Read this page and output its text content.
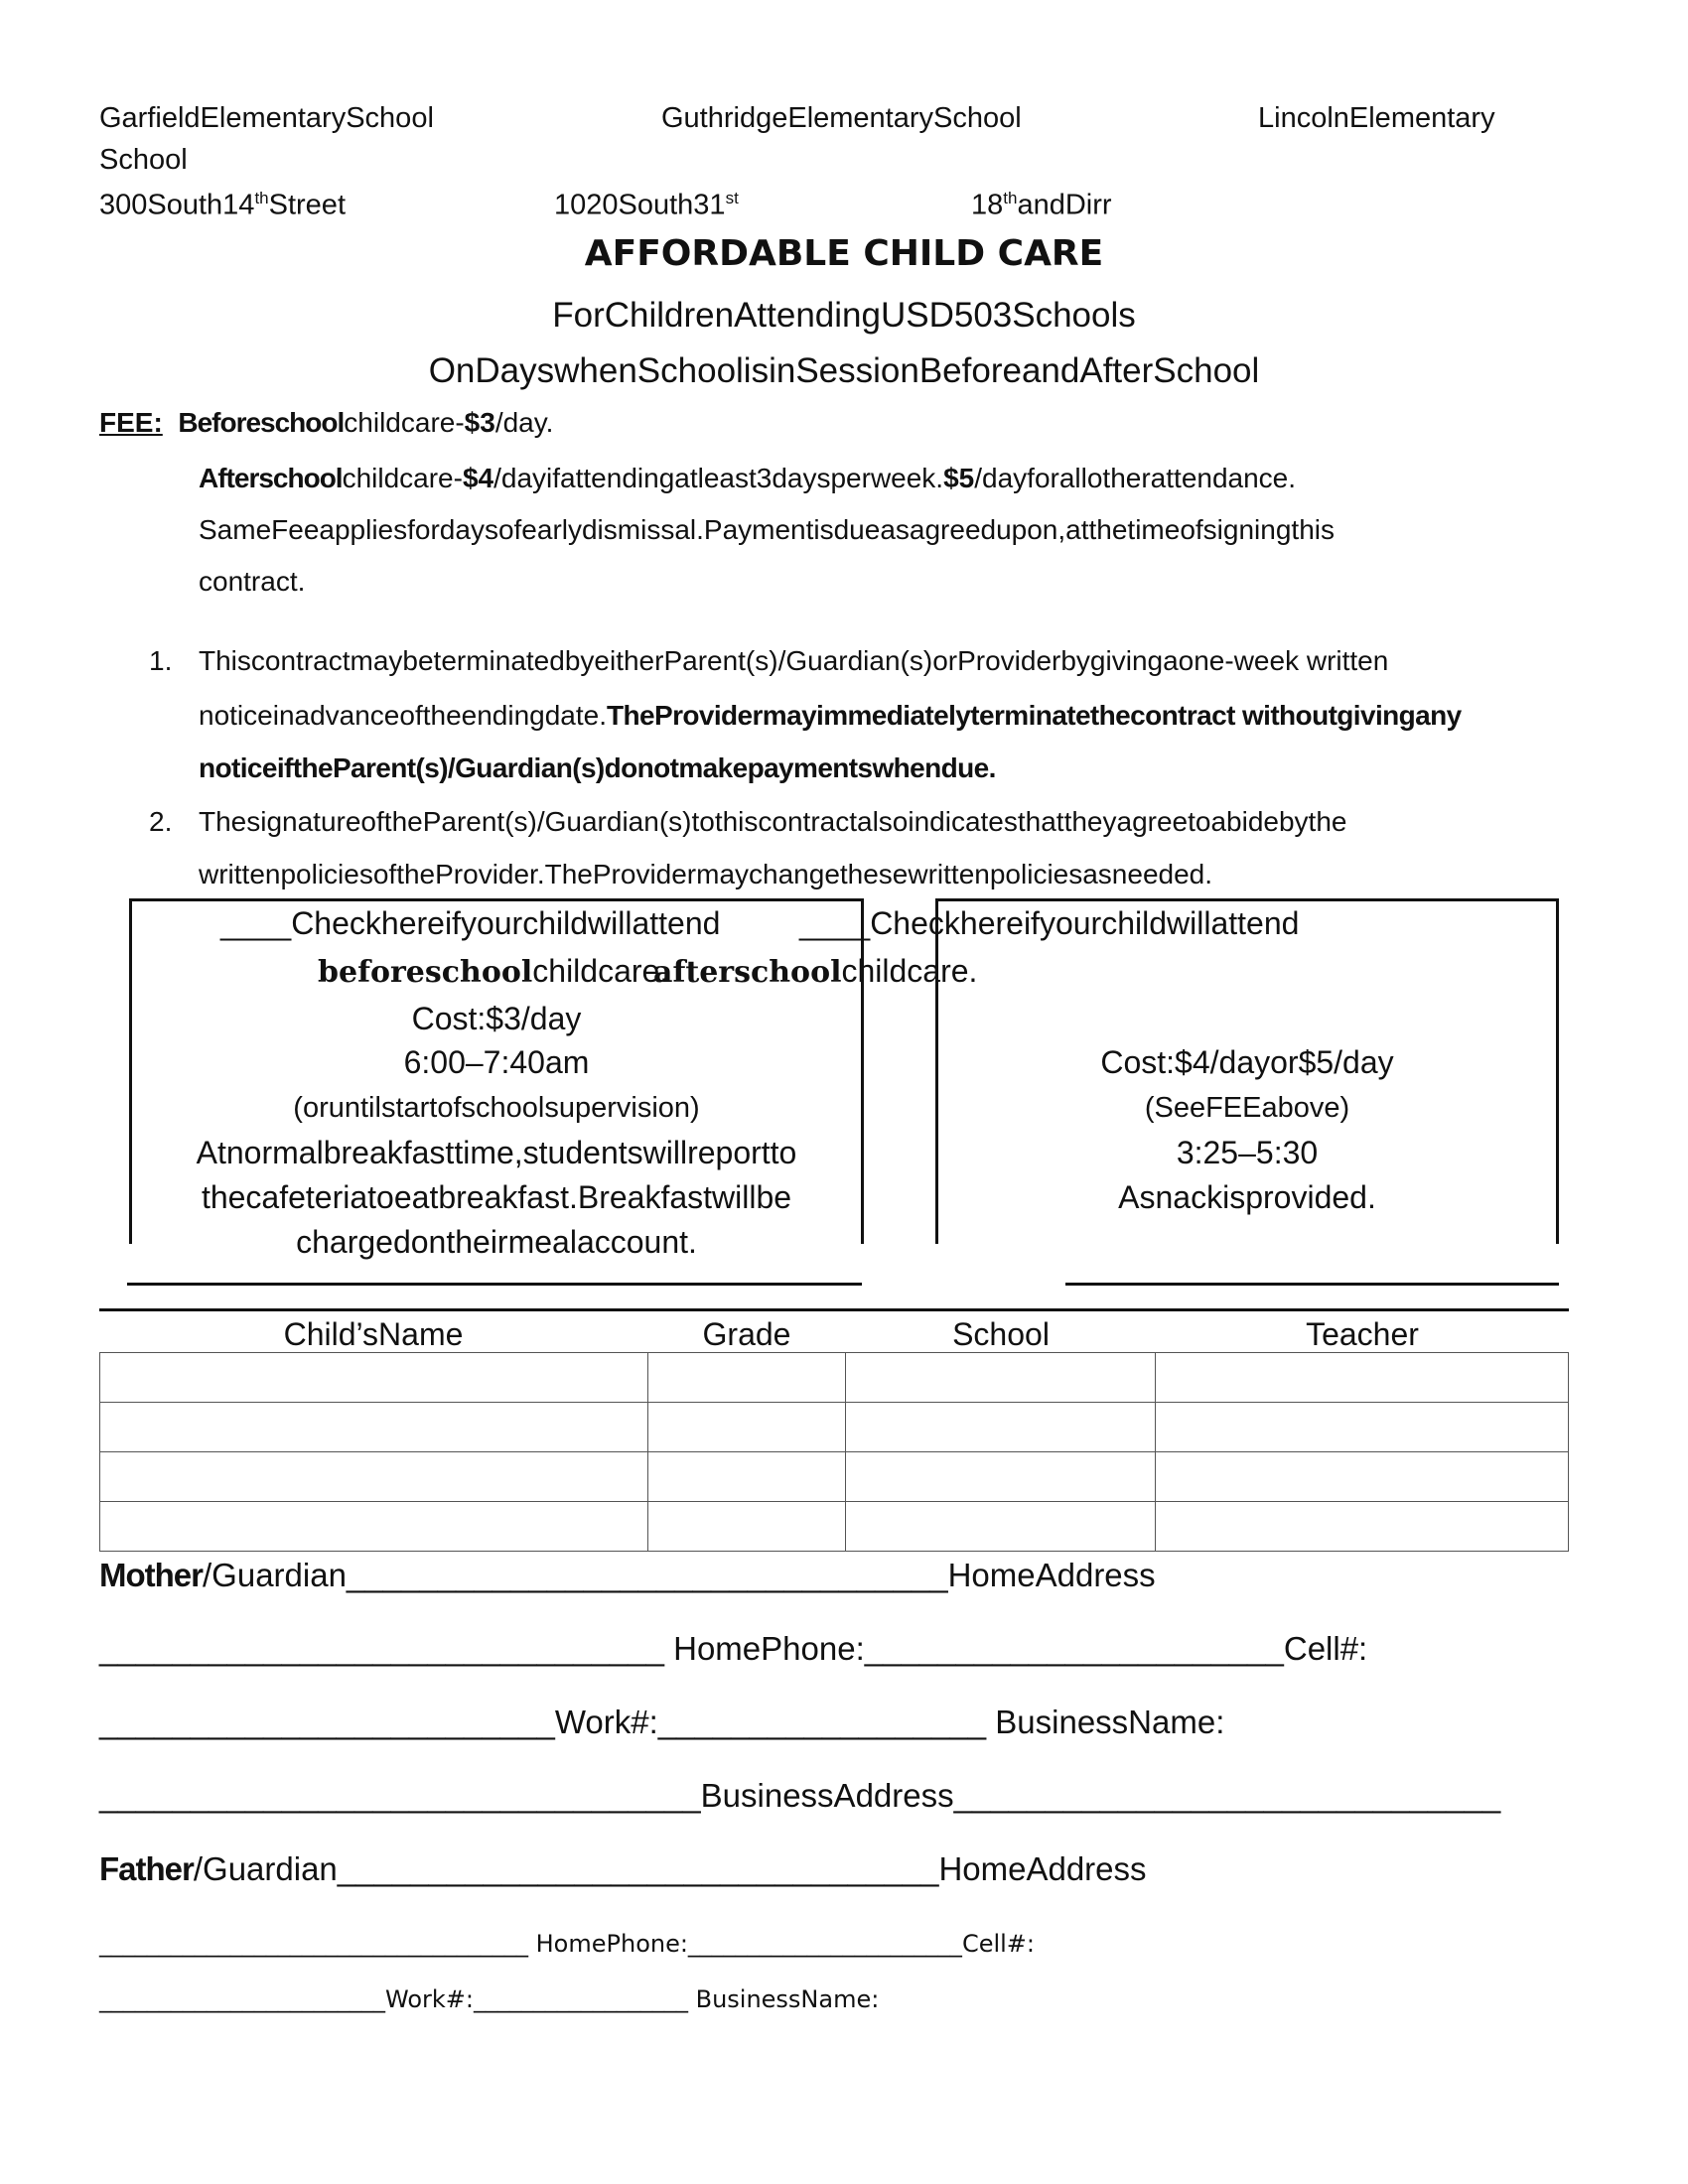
GarfieldElementarySchool	GuthridgeElementarySchool	LincolnElementary
School
300South14thStreet	1020South31st	18thandDirr
AFFORDABLE CHILD CARE
ForChildrenAttendingUSD503Schools
OnDayswhenSchoolisinSessionBeforeandAfterSchool
FEE: Beforeschoolchildcare-$3/day.
Afterschoolchildcare-$4/dayifattendingatleast3daysperweek.$5/dayforallotherattendance.
SameFeeappliesfordaysofearlydismissal.Paymentisdueasagreedupon,atthetimeofsigningthis
contract.
1. ThiscontractmaybeterminatedbyeitherParent(s)/Guardian(s)orProviderbygivingaone-week written
noticeinadvanceoftheendingdate.TheProvidermayimmediatelyterminatethecontract withoutgivingany
noticeiftheParent(s)/Guardian(s)donotmakepaymentswhendue.
2. ThesignatureoftheParent(s)/Guardian(s)tothiscontractalsoindicatesthattheyagreetoabidebythe
writtenpoliciesoftheProvider.TheProvidermaychangethesewrittenpoliciesasneeded.
____Checkhereifyourchildwillattend ____Checkhereifyourchildwillattend
beforeschoolchildcare.
afterschoolchildcare.
Cost:$3/day
6:00–7:40am
(oruntilstartofschoolsupervision)
Atnormalbreakfasttime,studentswillreportto
thecafeteriatoeatbreakfast.Breakfastwillbe
chargedontheirmealaccount.
Cost:$4/dayor$5/day
(SeeFEEabove)
3:25–5:30
Asnackisprovided.
Child’sName	Grade	School	Teacher

Mother/Guardian_________________________________HomeAddress
_______________________________ HomePhone:_______________________Cell#:
_________________________Work#:__________________ BusinessName:
_________________________________BusinessAddress______________________________
Father/Guardian_________________________________HomeAddress
____________________________________ HomePhone:_______________________Cell#:
________________________Work#:__________________ BusinessName:
